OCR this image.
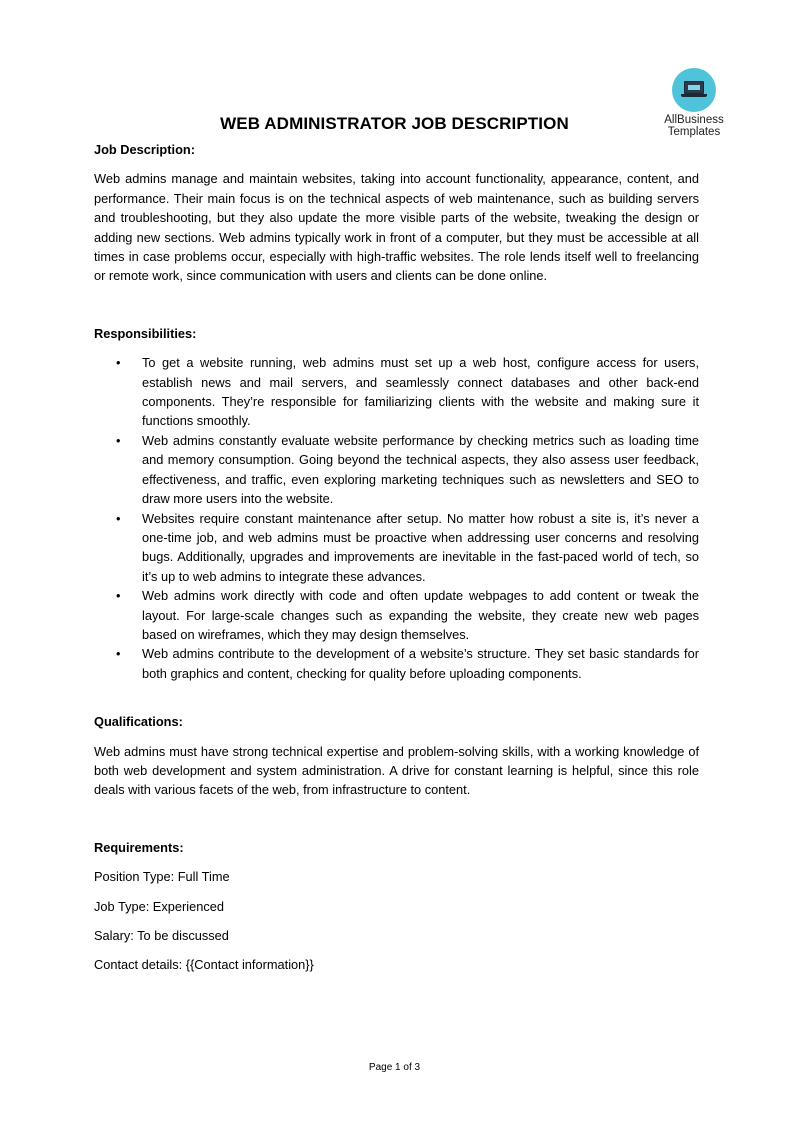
AllBusiness
Templates
WEB ADMINISTRATOR JOB DESCRIPTION

Job Description:

Web admins manage and maintain websites, taking into account functionality, appearance, content, and performance. Their main focus is on the technical aspects of web maintenance, such as building servers and troubleshooting, but they also update the more visible parts of the website, tweaking the design or adding new sections. Web admins typically work in front of a computer, but they must be accessible at all times in case problems occur, especially with high-traffic websites. The role lends itself well to freelancing or remote work, since communication with users and clients can be done online.

Responsibilities:

• To get a website running, web admins must set up a web host, configure access for users, establish news and mail servers, and seamlessly connect databases and other back-end components. They’re responsible for familiarizing clients with the website and making sure it functions smoothly.
• Web admins constantly evaluate website performance by checking metrics such as loading time and memory consumption. Going beyond the technical aspects, they also assess user feedback, effectiveness, and traffic, even exploring marketing techniques such as newsletters and SEO to draw more users into the website.
• Websites require constant maintenance after setup. No matter how robust a site is, it’s never a one-time job, and web admins must be proactive when addressing user concerns and resolving bugs. Additionally, upgrades and improvements are inevitable in the fast-paced world of tech, so it’s up to web admins to integrate these advances.
• Web admins work directly with code and often update webpages to add content or tweak the layout. For large-scale changes such as expanding the website, they create new web pages based on wireframes, which they may design themselves.
• Web admins contribute to the development of a website’s structure. They set basic standards for both graphics and content, checking for quality before uploading components.

Qualifications:

Web admins must have strong technical expertise and problem-solving skills, with a working knowledge of both web development and system administration. A drive for constant learning is helpful, since this role deals with various facets of the web, from infrastructure to content.

Requirements:

Position Type: Full Time

Job Type: Experienced

Salary: To be discussed

Contact details: {{Contact information}}

Page 1 of 3
